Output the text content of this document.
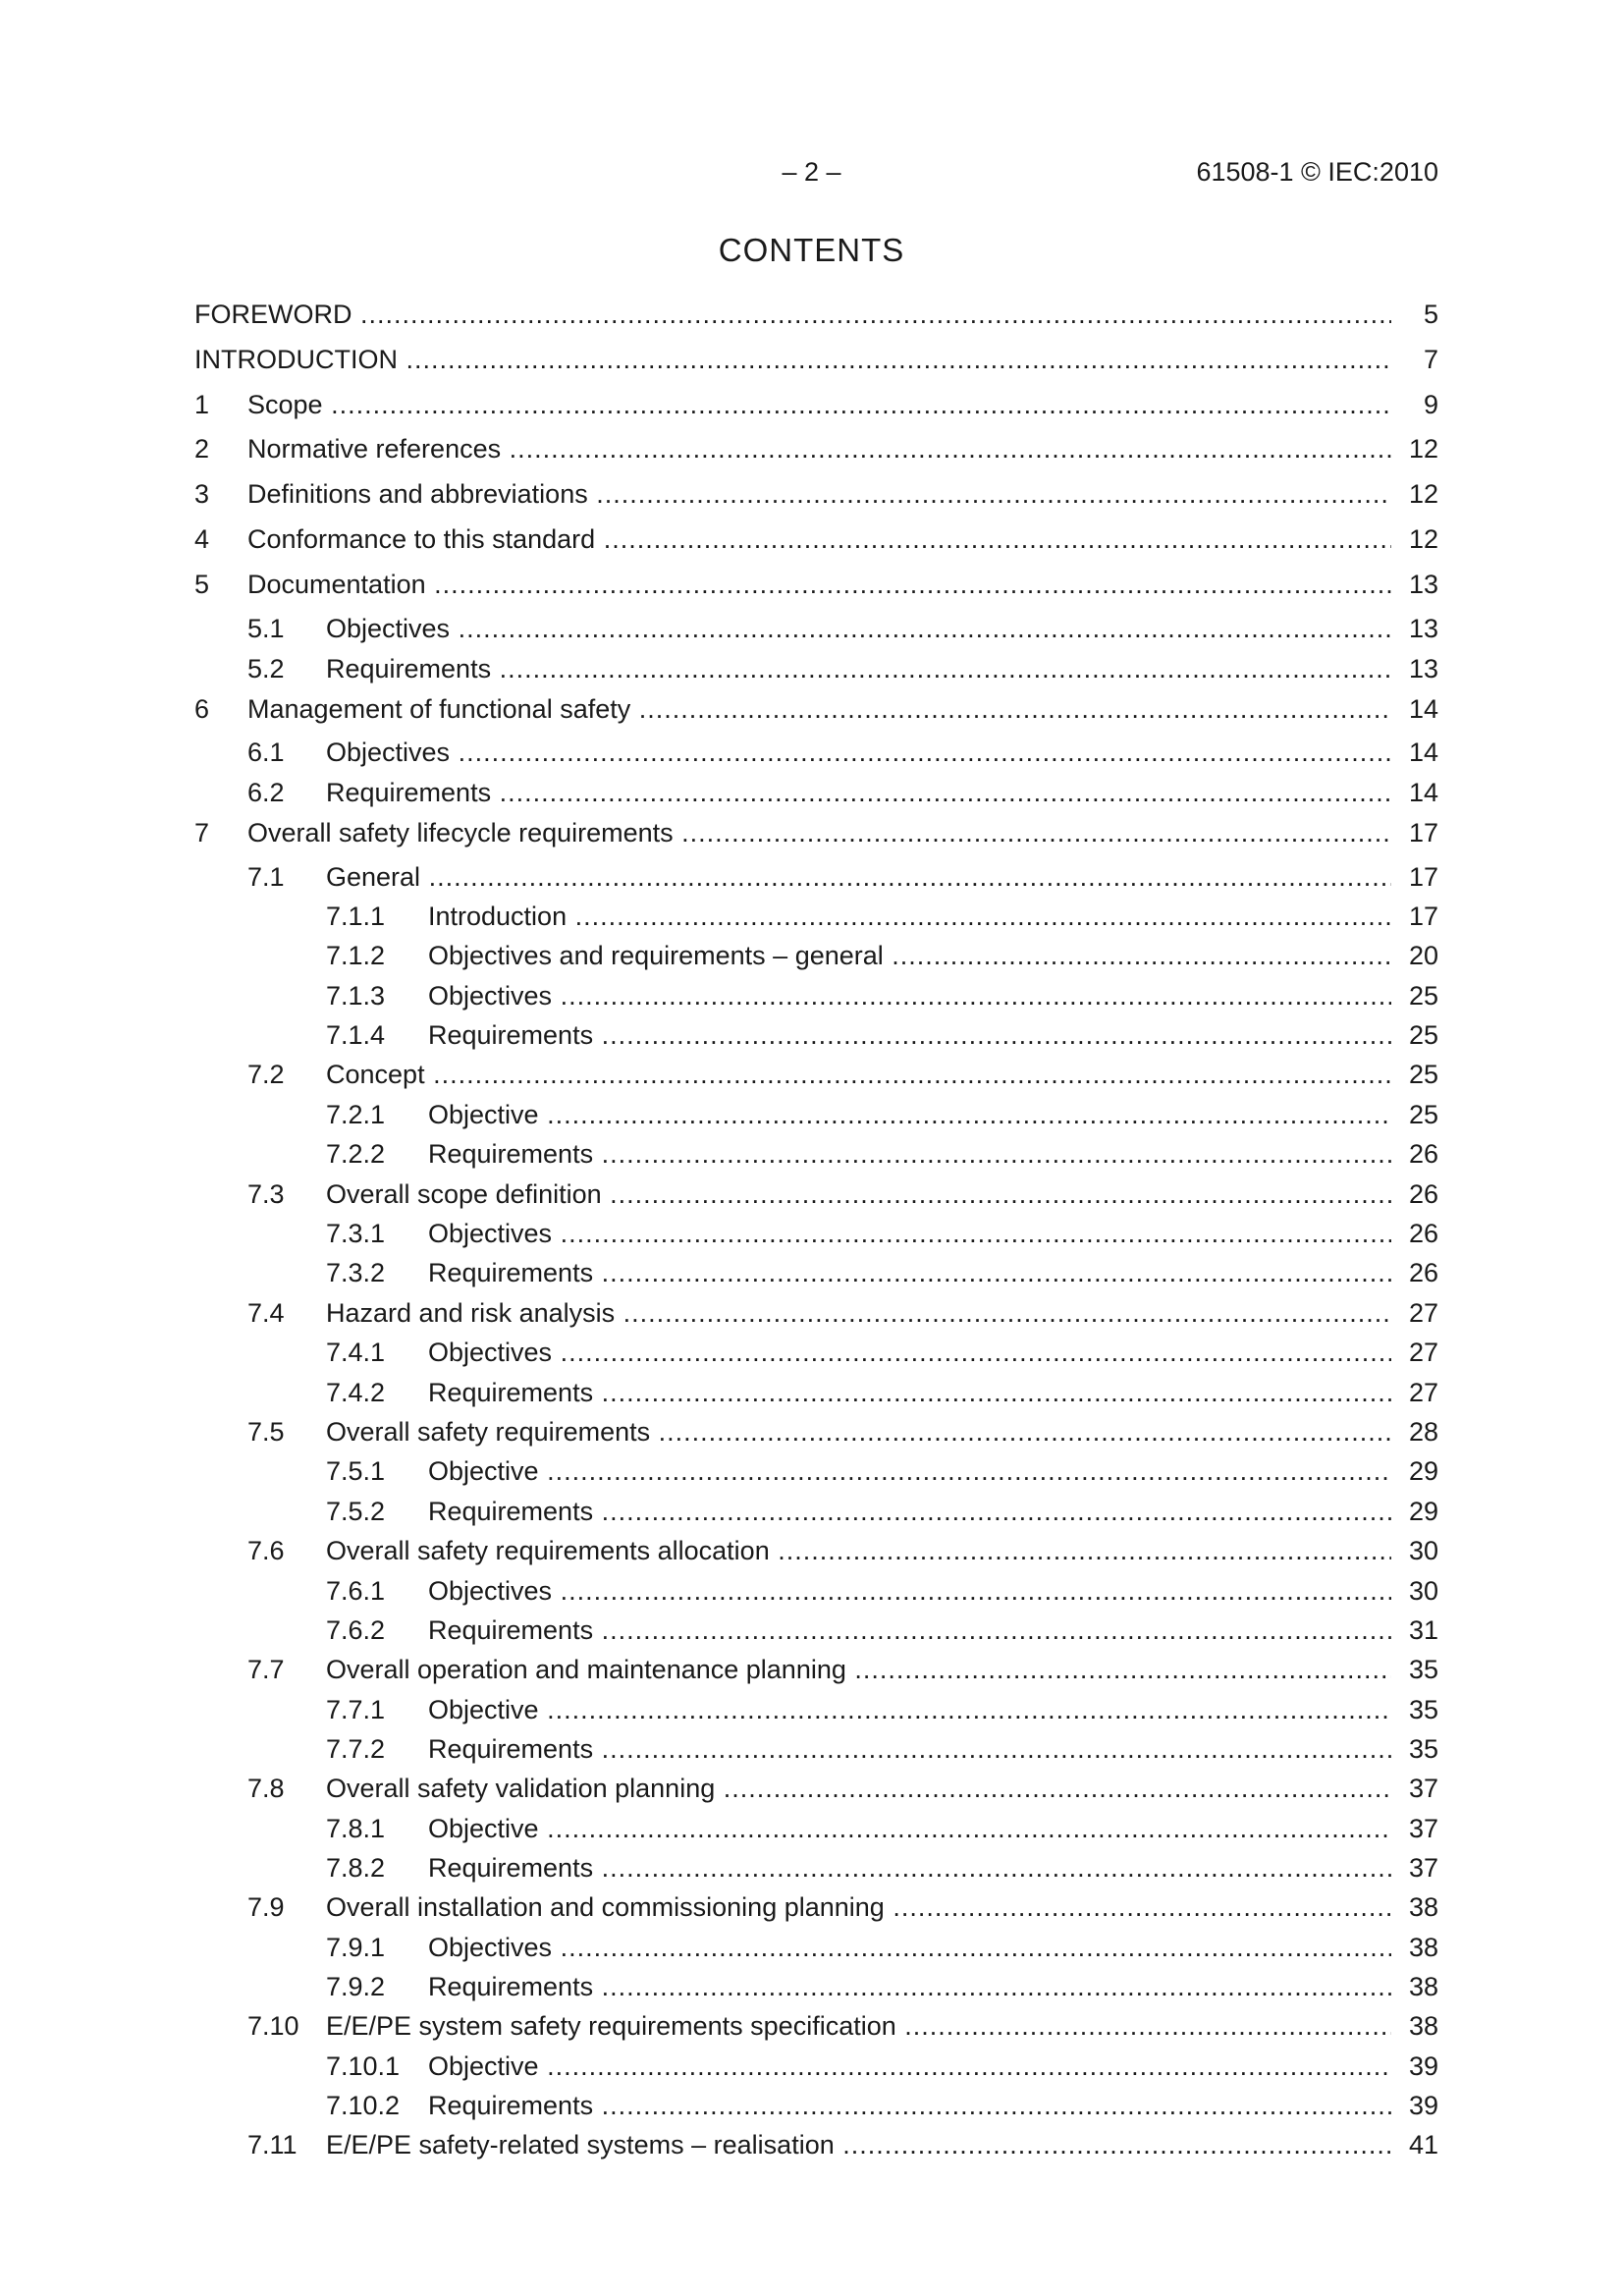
– 2 –	61508-1 © IEC:2010
CONTENTS
FOREWORD .....	5
INTRODUCTION .....	7
1 Scope .....	9
2 Normative references .....	12
3 Definitions and abbreviations .....	12
4 Conformance to this standard .....	12
5 Documentation .....	13
5.1 Objectives .....	13
5.2 Requirements .....	13
6 Management of functional safety .....	14
6.1 Objectives .....	14
6.2 Requirements .....	14
7 Overall safety lifecycle requirements .....	17
7.1 General .....	17
7.1.1 Introduction .....	17
7.1.2 Objectives and requirements – general .....	20
7.1.3 Objectives .....	25
7.1.4 Requirements .....	25
7.2 Concept .....	25
7.2.1 Objective .....	25
7.2.2 Requirements .....	26
7.3 Overall scope definition .....	26
7.3.1 Objectives .....	26
7.3.2 Requirements .....	26
7.4 Hazard and risk analysis .....	27
7.4.1 Objectives .....	27
7.4.2 Requirements .....	27
7.5 Overall safety requirements .....	28
7.5.1 Objective .....	29
7.5.2 Requirements .....	29
7.6 Overall safety requirements allocation .....	30
7.6.1 Objectives .....	30
7.6.2 Requirements .....	31
7.7 Overall operation and maintenance planning .....	35
7.7.1 Objective .....	35
7.7.2 Requirements .....	35
7.8 Overall safety validation planning .....	37
7.8.1 Objective .....	37
7.8.2 Requirements .....	37
7.9 Overall installation and commissioning planning .....	38
7.9.1 Objectives .....	38
7.9.2 Requirements .....	38
7.10 E/E/PE system safety requirements specification .....	38
7.10.1 Objective .....	39
7.10.2 Requirements .....	39
7.11 E/E/PE safety-related systems – realisation .....	41
